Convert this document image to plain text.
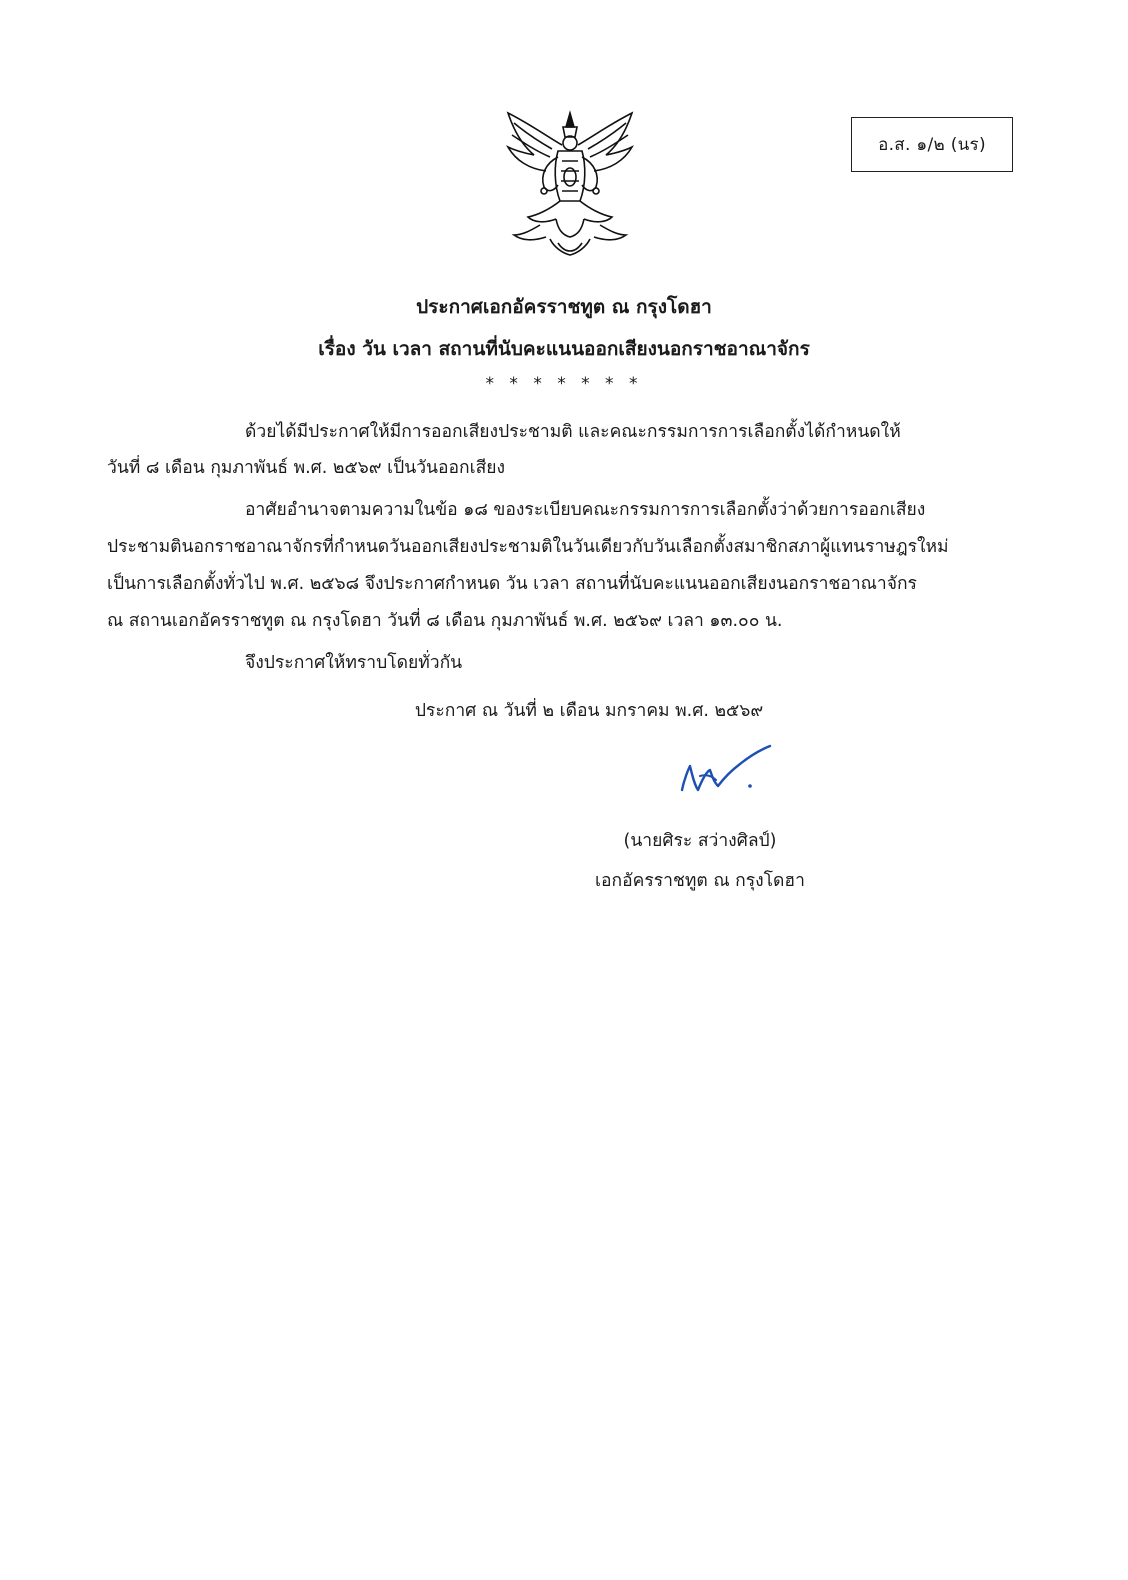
อ.ส. ๑/๒ (นร)
ประกาศเอกอัครราชทูต ณ กรุงโดฮา
เรื่อง วัน เวลา สถานที่นับคะแนนออกเสียงนอกราชอาณาจักร
* * * * * * *
ด้วยได้มีประกาศให้มีการออกเสียงประชามติ และคณะกรรมการการเลือกตั้งได้กำหนดให้
วันที่ ๘ เดือน กุมภาพันธ์ พ.ศ. ๒๕๖๙ เป็นวันออกเสียง
อาศัยอำนาจตามความในข้อ ๑๘ ของระเบียบคณะกรรมการการเลือกตั้งว่าด้วยการออกเสียง
ประชามตินอกราชอาณาจักรที่กำหนดวันออกเสียงประชามติในวันเดียวกับวันเลือกตั้งสมาชิกสภาผู้แทนราษฎรใหม่
เป็นการเลือกตั้งทั่วไป พ.ศ. ๒๕๖๘ จึงประกาศกำหนด วัน เวลา สถานที่นับคะแนนออกเสียงนอกราชอาณาจักร
ณ สถานเอกอัครราชทูต ณ กรุงโดฮา วันที่ ๘ เดือน กุมภาพันธ์ พ.ศ. ๒๕๖๙ เวลา ๑๓.๐๐ น.
จึงประกาศให้ทราบโดยทั่วกัน
ประกาศ ณ วันที่ ๒ เดือน มกราคม พ.ศ. ๒๕๖๙
(นายศิระ สว่างศิลป์)
เอกอัครราชทูต ณ กรุงโดฮา
